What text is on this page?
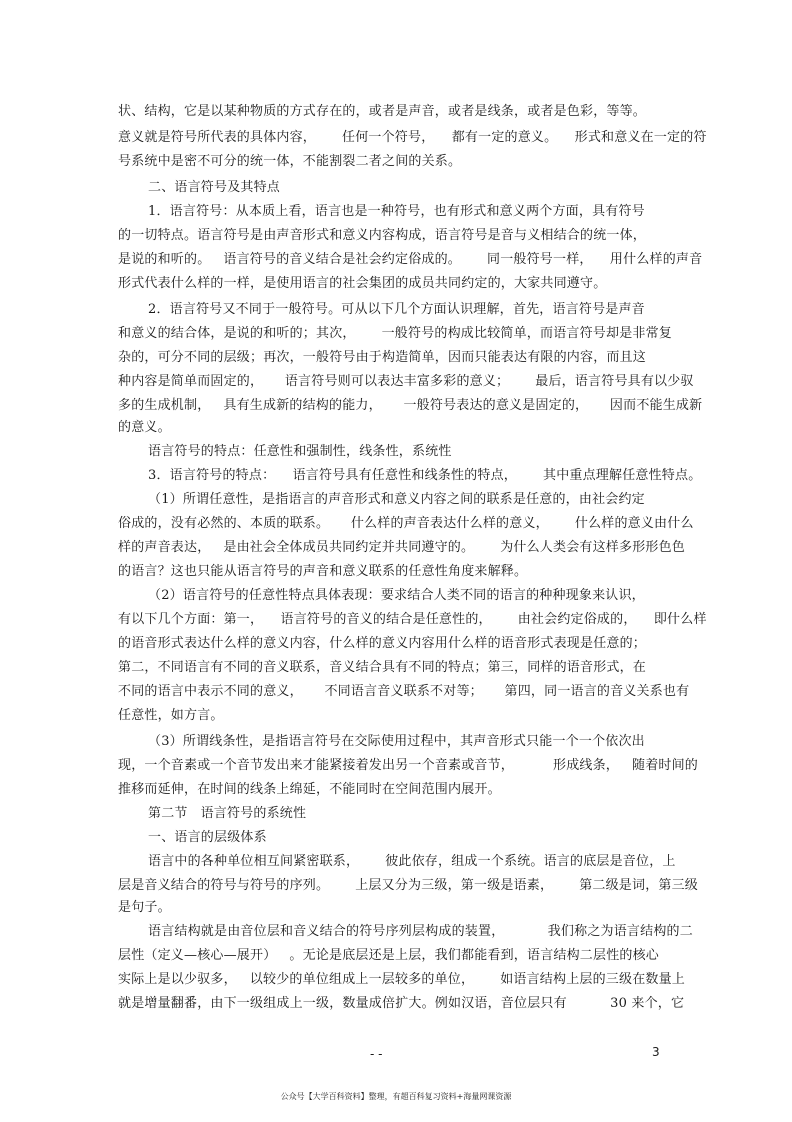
状、结构，它是以某种物质的方式存在的，或者是声音，或者是线条，或者是色彩，等等。
意义就是符号所代表的具体内容，      任何一个符号，    都有一定的意义。    形式和意义在一定的符
号系统中是密不可分的统一体，不能割裂二者之间的关系。
二、语言符号及其特点
1．语言符号：从本质上看，语言也是一种符号，也有形式和意义两个方面，具有符号
的一切特点。语言符号是由声音形式和意义内容构成，语言符号是音与义相结合的统一体，
是说的和听的。   语言符号的音义结合是社会约定俗成的。      同一般符号一样，    用什么样的声音
形式代表什么样的一样，是使用语言的社会集团的成员共同约定的，大家共同遵守。
2．语言符号又不同于一般符号。可从以下几个方面认识理解，首先，语言符号是声音
和意义的结合体，是说的和听的；其次，      一般符号的构成比较简单，而语言符号却是非常复
杂的，可分不同的层级；再次，一般符号由于构造简单，因而只能表达有限的内容，而且这
种内容是简单而固定的，     语言符号则可以表达丰富多彩的意义；      最后，语言符号具有以少驭
多的生成机制，   具有生成新的结构的能力，     一般符号表达的意义是固定的，     因而不能生成新
的意义。
语言符号的特点：任意性和强制性，线条性，系统性
3．语言符号的特点：    语言符号具有任意性和线条性的特点，      其中重点理解任意性特点。
（1）所谓任意性，是指语言的声音形式和意义内容之间的联系是任意的，由社会约定
俗成的，没有必然的、本质的联系。     什么样的声音表达什么样的意义，      什么样的意义由什么
样的声音表达，   是由社会全体成员共同约定并共同遵守的。      为什么人类会有这样多形形色色
的语言？这也只能从语言符号的声音和意义联系的任意性角度来解释。
（2）语言符号的任意性特点具体表现：要求结合人类不同的语言的种种现象来认识，
有以下几个方面：第一，    语言符号的音义的结合是任意性的，      由社会约定俗成的，    即什么样
的语音形式表达什么样的意义内容，什么样的意义内容用什么样的语音形式表现是任意的；
第二，不同语言有不同的音义联系，音义结合具有不同的特点；第三，同样的语音形式，在
不同的语言中表示不同的意义，     不同语言音义联系不对等；     第四，同一语言的音义关系也有
任意性，如方言。
（3）所谓线条性，是指语言符号在交际使用过程中，其声音形式只能一个一个依次出
现，一个音素或一个音节发出来才能紧接着发出另一个音素或音节，         形成线条，   随着时间的
推移而延伸，在时间的线条上绵延，不能同时在空间范围内展开。
第二节   语言符号的系统性
一、语言的层级体系
语言中的各种单位相互间紧密联系，      彼此依存，组成一个系统。语言的底层是音位，上
层是音义结合的符号与符号的序列。      上层又分为三级，第一级是语素，      第二级是词，第三级
是句子。
语言结构就是由音位层和音义结合的符号序列层构成的装置，          我们称之为语言结构的二
层性（定义—核心—展开）   。无论是底层还是上层，我们都能看到，语言结构二层性的核心
实际上是以少驭多，   以较少的单位组成上一层较多的单位，      如语言结构上层的三级在数量上
就是增量翻番，由下一级组成上一级，数量成倍扩大。例如汉语，音位层只有          30 来个，它
- -	3
公众号【大学百科资料】整理，有超百科复习资料+海量网课资源
